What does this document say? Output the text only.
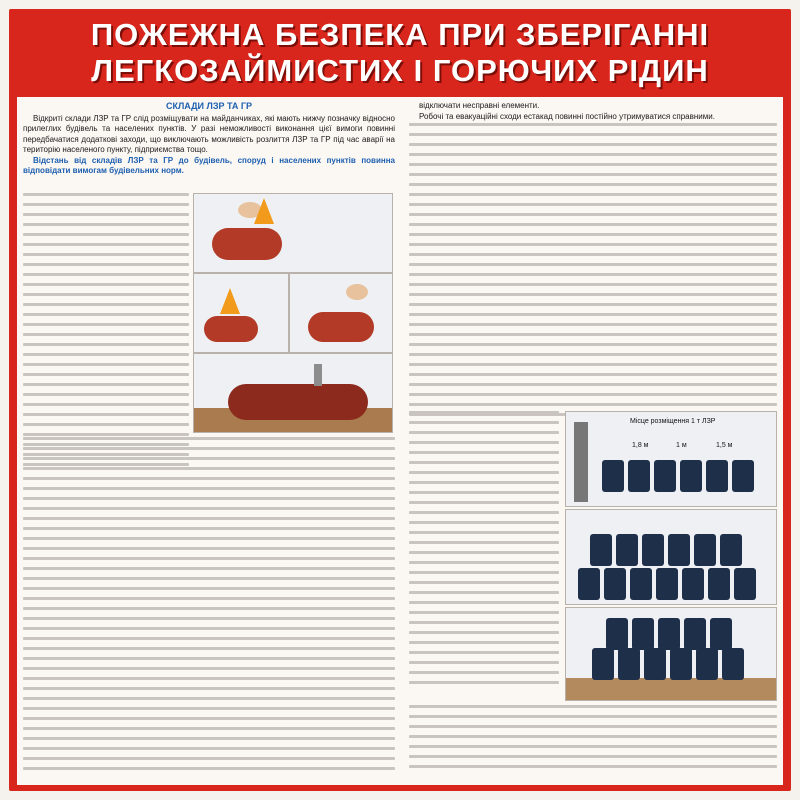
ПОЖЕЖНА БЕЗПЕКА ПРИ ЗБЕРІГАННІ
ЛЕГКОЗАЙМИСТИХ І ГОРЮЧИХ РІДИН
СКЛАДИ ЛЗР ТА ГР
Відкриті склади ЛЗР та ГР слід розміщувати на майданчиках, які мають нижчу позначку відносно прилеглих будівель та населених пунктів. У разі неможливості виконання цієї вимоги повинні передбачатися додаткові заходи, що виключають можливість розлиття ЛЗР та ГР під час аварії на територію населеного пункту, підприємства тощо.
Відстань від складів ЛЗР та ГР до будівель, споруд і населених пунктів повинна відповідати вимогам будівельних норм.
відключати несправні елементи.
Робочі та евакуаційні сходи естакад повинні постійно утримуватися справними.
Місце розміщення 1 т ЛЗР
1,8 м	1 м	1,5 м
